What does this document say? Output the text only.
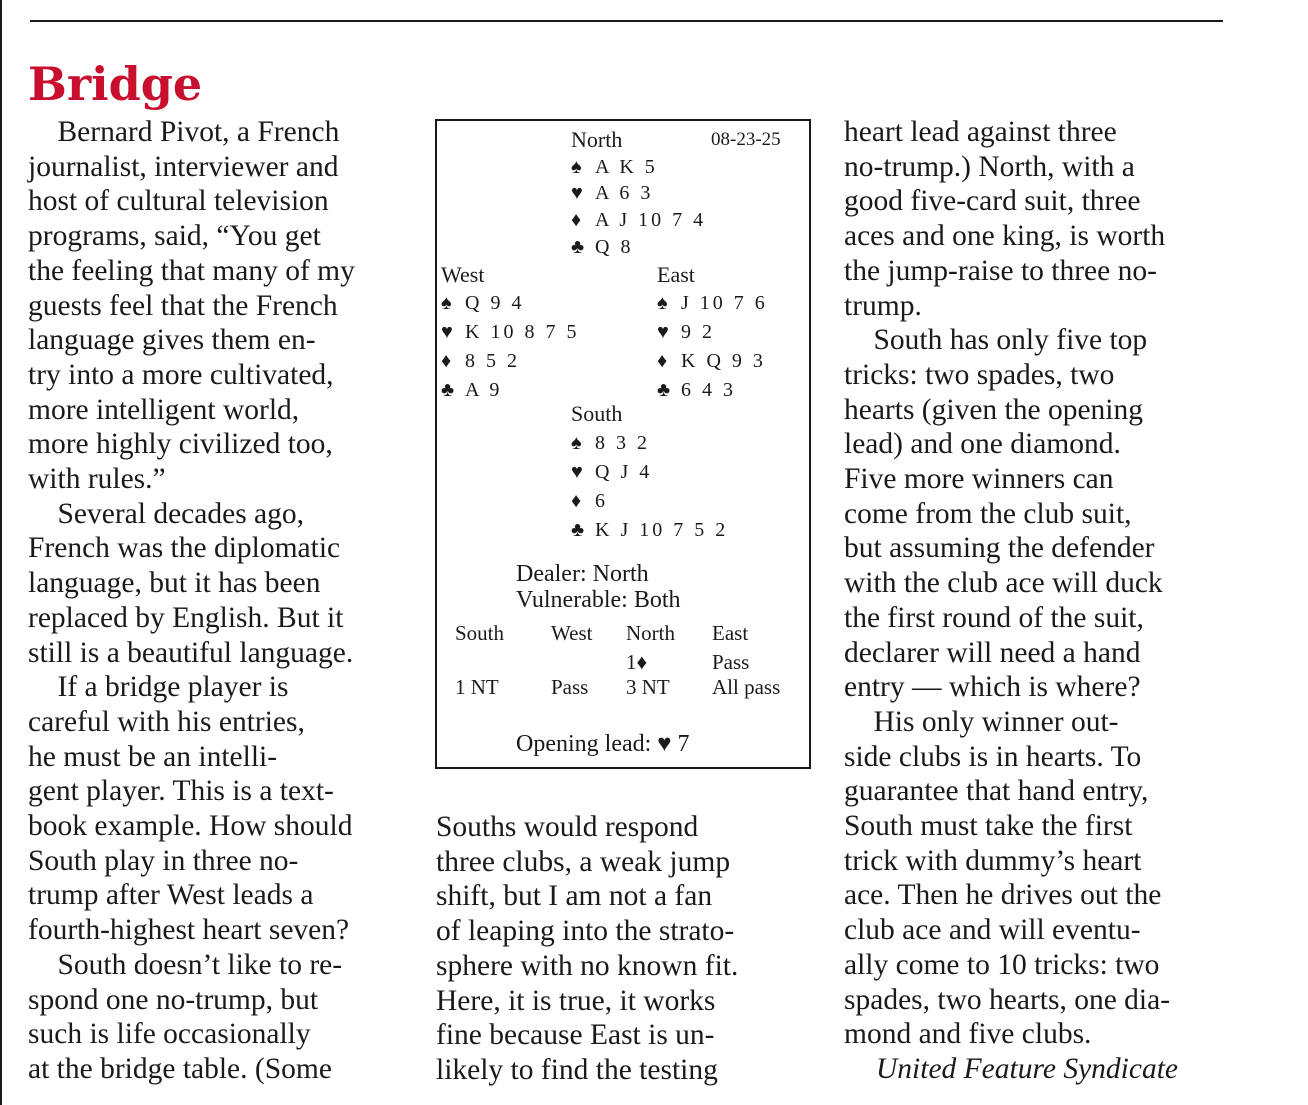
Bridge

 Bernard Pivot, a French

journalist, interviewer and

host of cultural television

programs, said, “You get

the feeling that many of my

guests feel that the French

language gives them en-

try into a more cultivated,

more intelligent world,

more highly civilized too,

with rules.”

 Several decades ago,

French was the diplomatic

language, but it has been

replaced by English. But it

still is a beautiful language.

 If a bridge player is

careful with his entries,

he must be an intelli-

gent player. This is a text-

book example. How should

South play in three no-

trump after West leads a

fourth-highest heart seven?

 South doesn’t like to re-

spond one no-trump, but

such is life occasionally

at the bridge table. (Some

North	08-23-25
♠ A K 5
♥ A 6 3
♦ A J 10 7 4
♣ Q 8
West
♠ Q 9 4
♥ K 10 8 7 5
♦ 8 5 2
♣ A 9
East
♠ J 10 7 6
♥ 9 2
♦ K Q 9 3
♣ 6 4 3
South
♠ 8 3 2
♥ Q J 4
♦ 6
♣ K J 10 7 5 2
Dealer: North
Vulnerable: Both
South West North East
1♦	Pass
1 NT Pass 3 NT All pass
Opening lead: ♥ 7

Souths would respond

three clubs, a weak jump

shift, but I am not a fan

of leaping into the strato-

sphere with no known fit.

Here, it is true, it works

fine because East is un-

likely to find the testing

heart lead against three

no-trump.) North, with a

good five-card suit, three

aces and one king, is worth

the jump-raise to three no-

trump.

 South has only five top

tricks: two spades, two

hearts (given the opening

lead) and one diamond.

Five more winners can

come from the club suit,

but assuming the defender

with the club ace will duck

the first round of the suit,

declarer will need a hand

entry — which is where?

 His only winner out-

side clubs is in hearts. To

guarantee that hand entry,

South must take the first

trick with dummy’s heart

ace. Then he drives out the

club ace and will eventu-

ally come to 10 tricks: two

spades, two hearts, one dia-

mond and five clubs.

United Feature Syndicate
